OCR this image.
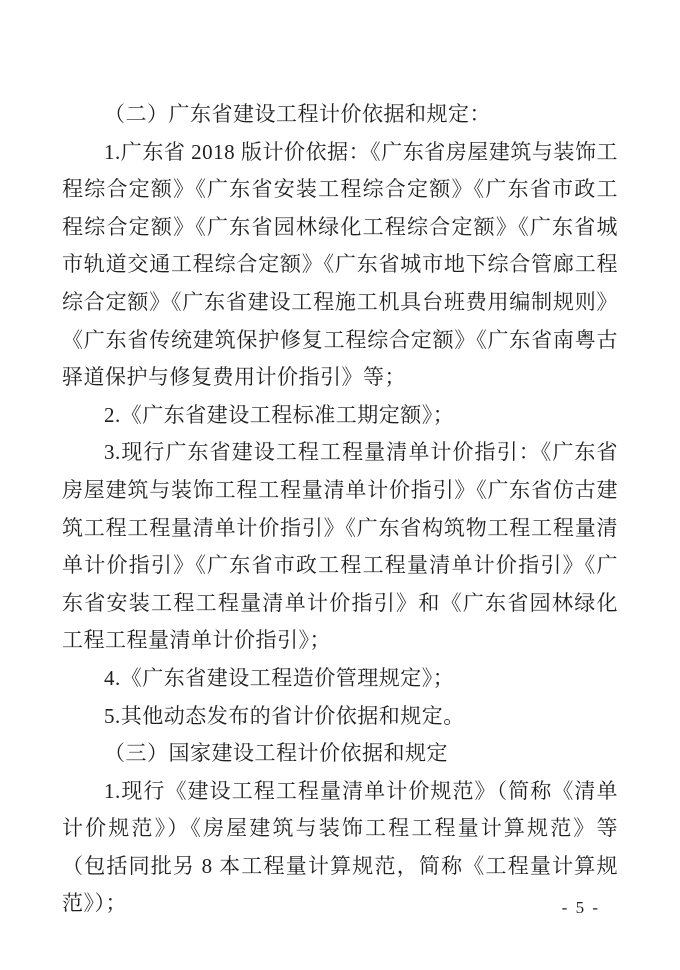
（二）广东省建设工程计价依据和规定：

1.广东省 2018 版计价依据：《广东省房屋建筑与装饰工程综合定额》《广东省安装工程综合定额》《广东省市政工程综合定额》《广东省园林绿化工程综合定额》《广东省城市轨道交通工程综合定额》《广东省城市地下综合管廊工程综合定额》《广东省建设工程施工机具台班费用编制规则》《广东省传统建筑保护修复工程综合定额》《广东省南粤古驿道保护与修复费用计价指引》等；

2.《广东省建设工程标准工期定额》；

3.现行广东省建设工程工程量清单计价指引：《广东省房屋建筑与装饰工程工程量清单计价指引》《广东省仿古建筑工程工程量清单计价指引》《广东省构筑物工程工程量清单计价指引》《广东省市政工程工程量清单计价指引》《广东省安装工程工程量清单计价指引》和《广东省园林绿化工程工程量清单计价指引》；

4.《广东省建设工程造价管理规定》；

5.其他动态发布的省计价依据和规定。

（三）国家建设工程计价依据和规定

1.现行《建设工程工程量清单计价规范》（简称《清单计价规范》）《房屋建筑与装饰工程工程量计算规范》等（包括同批另 8 本工程量计算规范，简称《工程量计算规范》）；	- 5 -
